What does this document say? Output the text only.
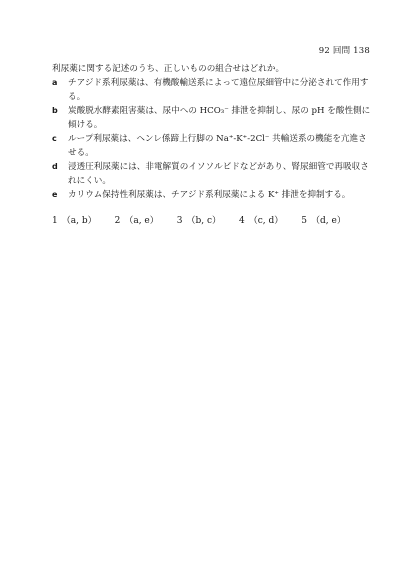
92 回問 138

利尿薬に関する記述のうち、正しいものの組合せはどれか。

a チアジド系利尿薬は、有機酸輸送系によって遠位尿細管中に分泌されて作用する。
b 炭酸脱水酵素阻害薬は、尿中への HCO₃⁻ 排泄を抑制し、尿の pH を酸性側に傾ける。
c ループ利尿薬は、ヘンレ係蹄上行脚の Na⁺-K⁺-2Cl⁻ 共輸送系の機能を亢進させる。
d 浸透圧利尿薬には、非電解質のイソソルビドなどがあり、腎尿細管で再吸収されにくい。
e カリウム保持性利尿薬は、チアジド系利尿薬による K⁺ 排泄を抑制する。
1 （a, b） 2 （a, e） 3 （b, c） 4 （c, d） 5 （d, e）
